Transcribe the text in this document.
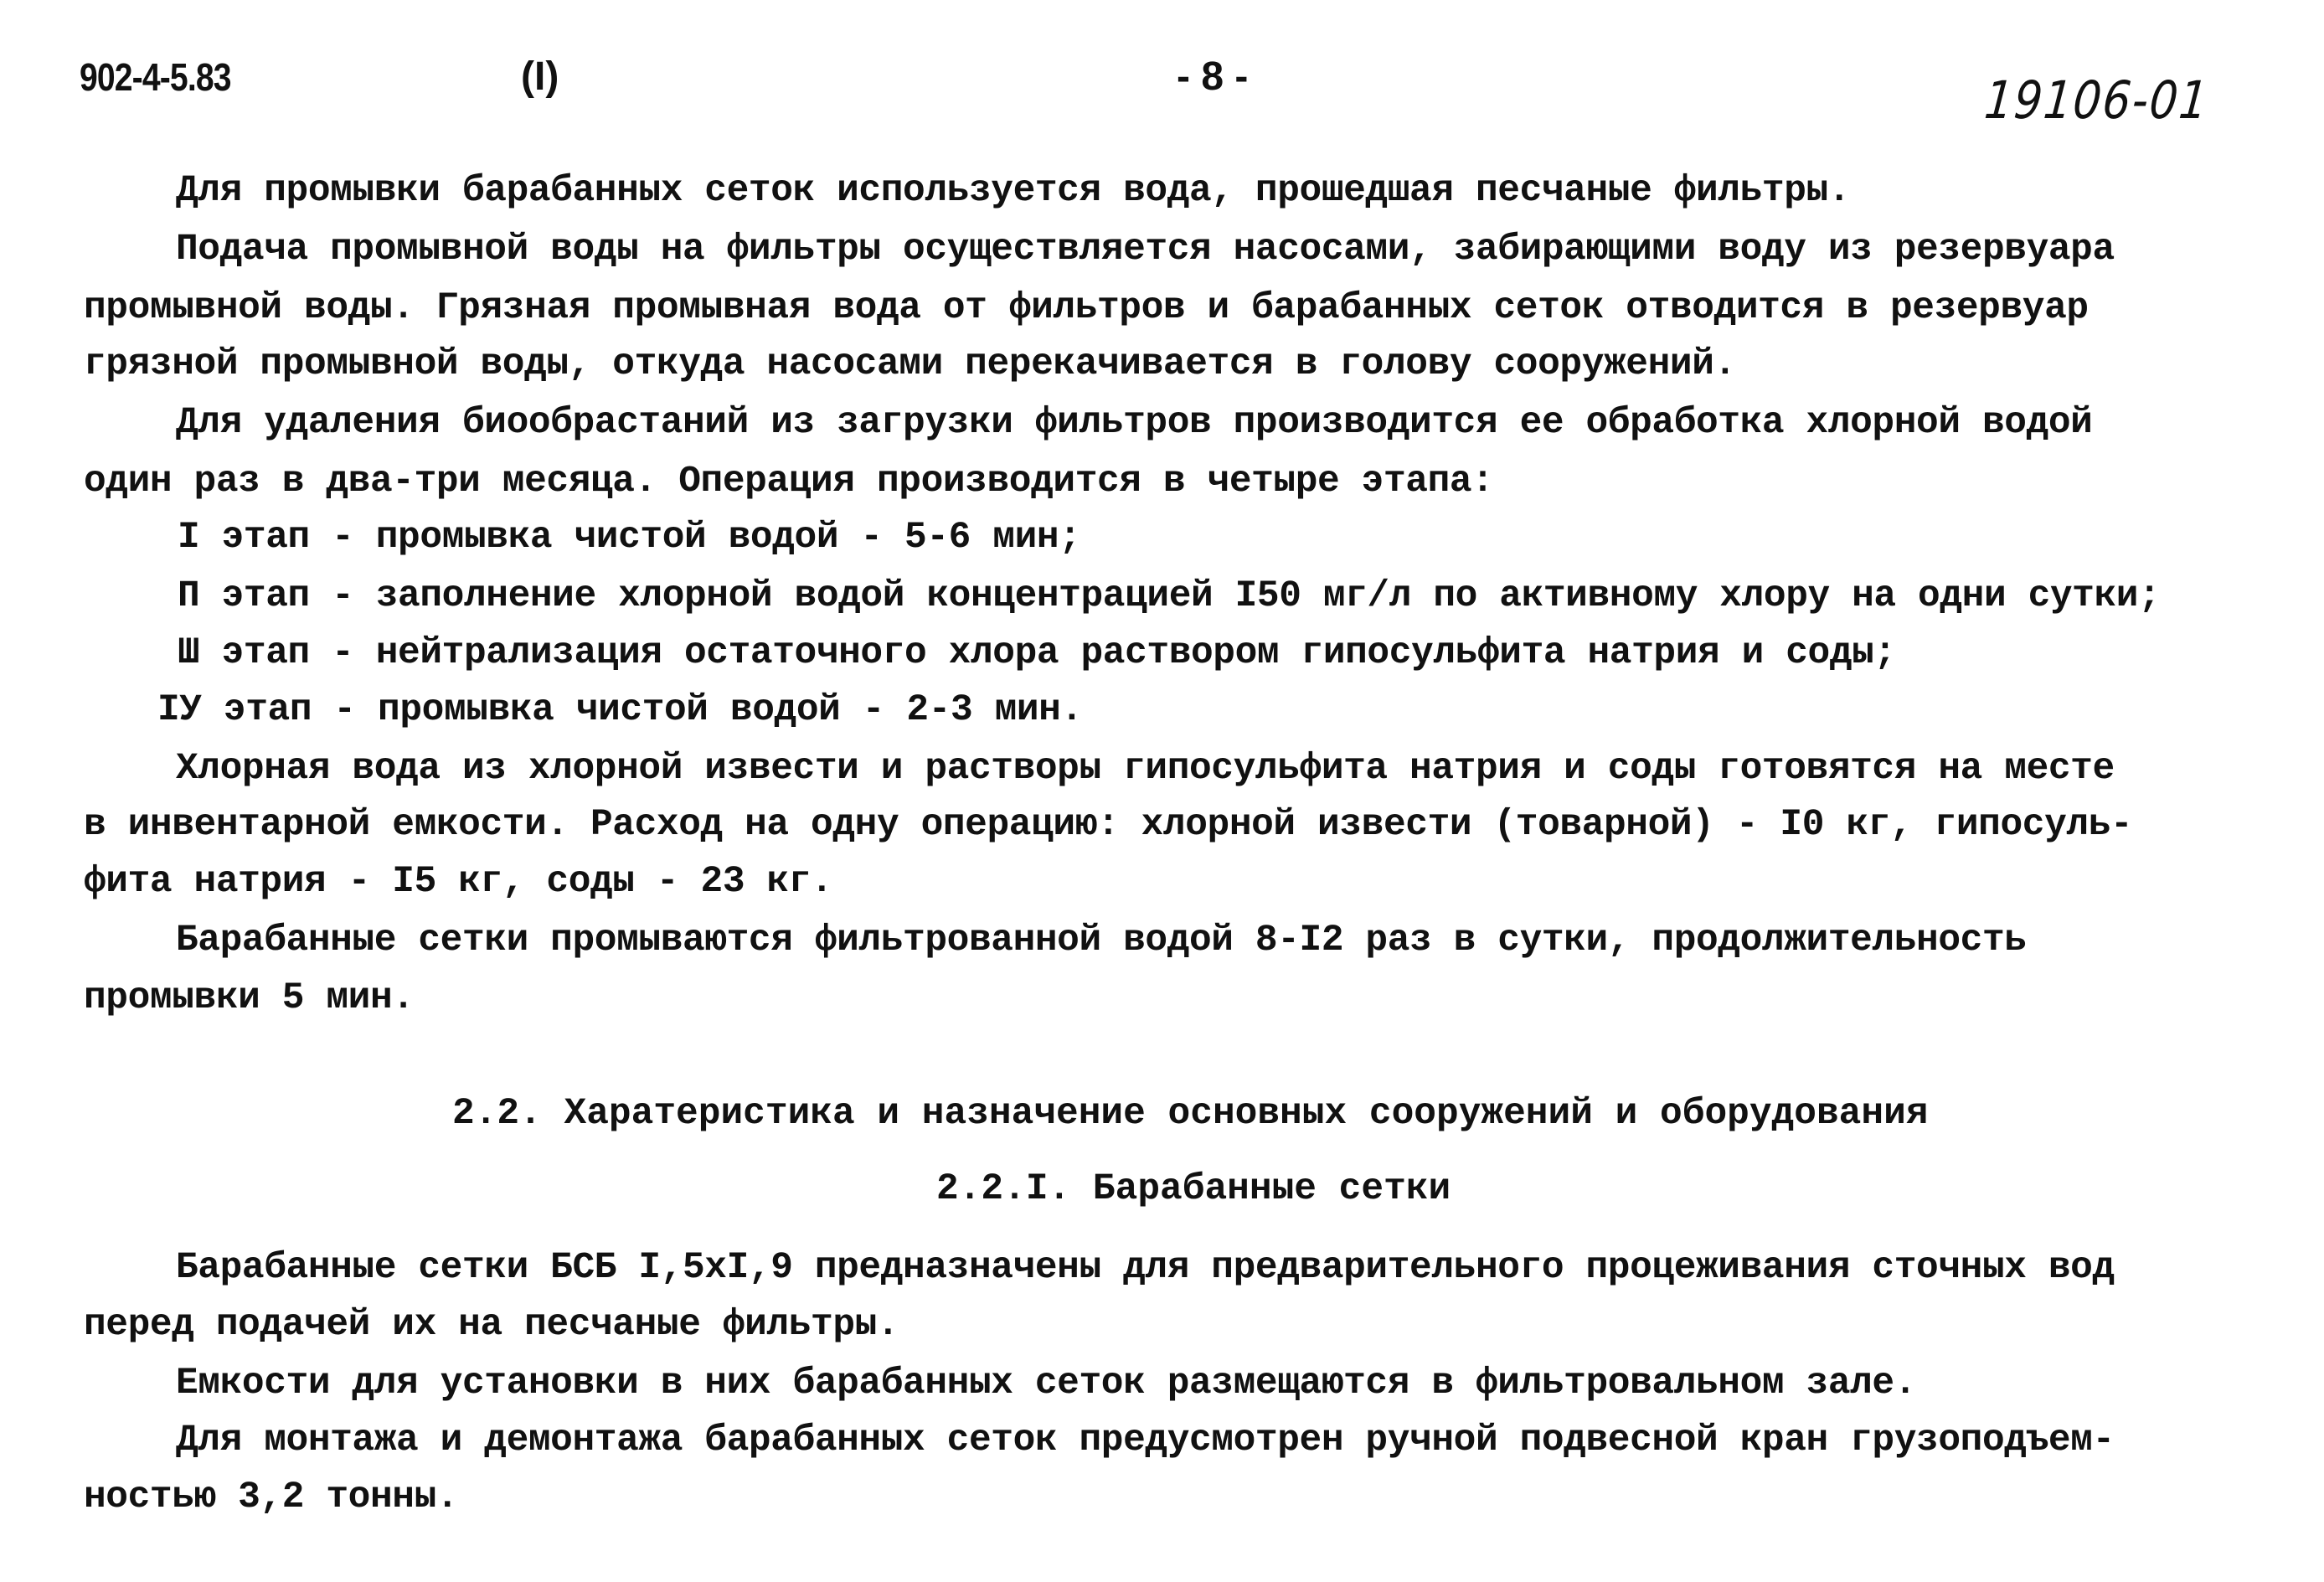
902-4-5.83	(I)	- 8 -	19106-01
Для промывки барабанных сеток используется вода, прошедшая песчаные фильтры.
Подача промывной воды на фильтры осуществляется насосами, забирающими воду из резервуара
промывной воды. Грязная промывная вода от фильтров и барабанных сеток отводится в резервуар
грязной промывной воды, откуда насосами перекачивается в голову сооружений.
Для удаления биообрастаний из загрузки фильтров производится ее обработка хлорной водой
один раз в два-три месяца. Операция производится в четыре этапа:
I этап - промывка чистой водой - 5-6 мин;
П этап - заполнение хлорной водой концентрацией I50 мг/л по активному хлору на одни сутки;
Ш этап - нейтрализация остаточного хлора раствором гипосульфита натрия и соды;
IУ этап - промывка чистой водой - 2-3 мин.
Хлорная вода из хлорной извести и растворы гипосульфита натрия и соды готовятся на месте
в инвентарной емкости. Расход на одну операцию: хлорной извести (товарной) - I0 кг, гипосуль-
фита натрия - I5 кг, соды - 23 кг.
Барабанные сетки промываются фильтрованной водой 8-I2 раз в сутки, продолжительность
промывки 5 мин.
2.2. Харатеристика и назначение основных сооружений и оборудования
2.2.I. Барабанные сетки
Барабанные сетки БСБ I,5хI,9 предназначены для предварительного процеживания сточных вод
перед подачей их на песчаные фильтры.
Емкости для установки в них барабанных сеток размещаются в фильтровальном зале.
Для монтажа и демонтажа барабанных сеток предусмотрен ручной подвесной кран грузоподъем-
ностью 3,2 тонны.
